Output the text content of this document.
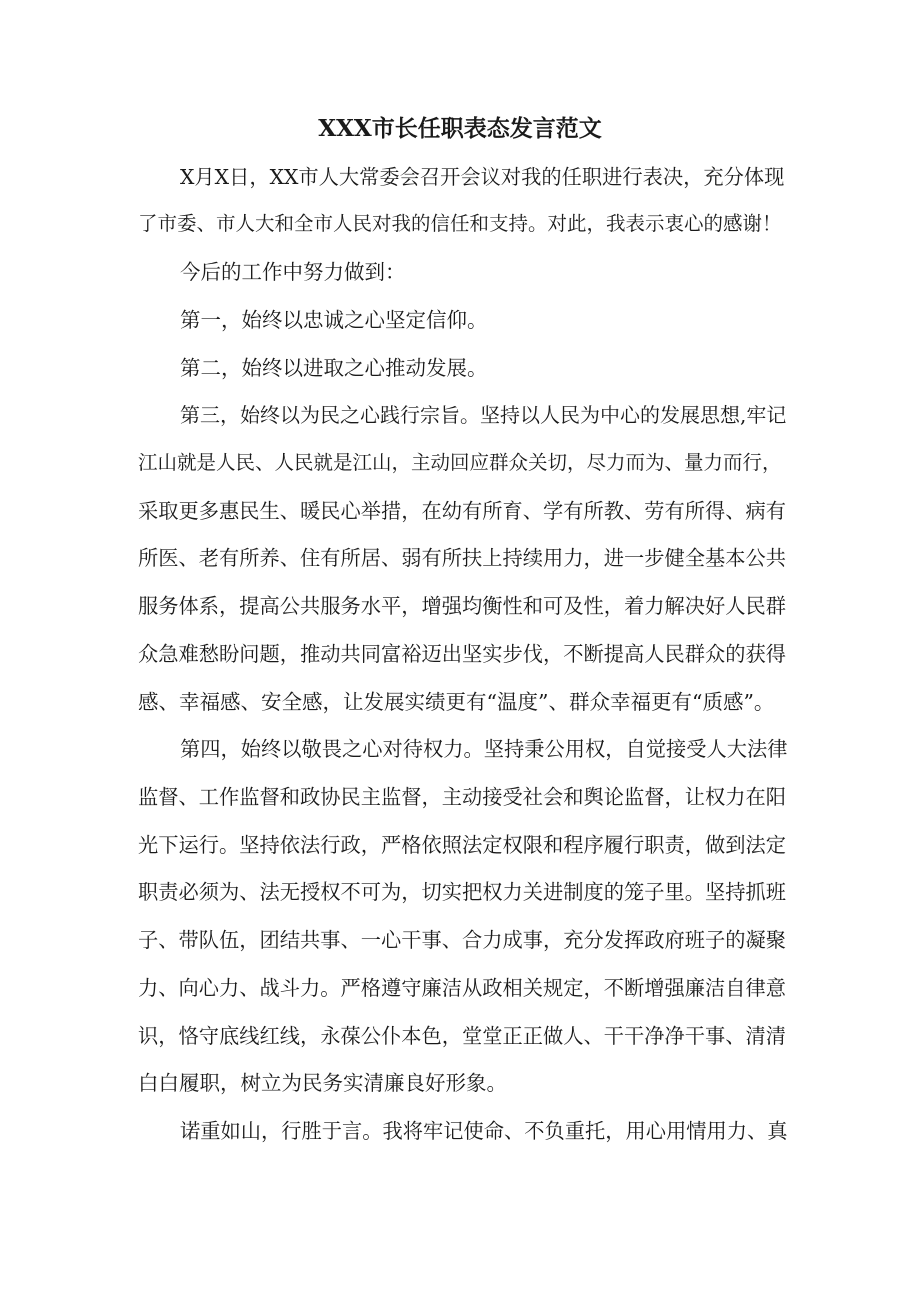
XXX市长任职表态发言范文

X月X日，XX市人大常委会召开会议对我的任职进行表决，充分体现

了市委、市人大和全市人民对我的信任和支持。对此，我表示衷心的感谢！

今后的工作中努力做到：

第一，始终以忠诚之心坚定信仰。

第二，始终以进取之心推动发展。

第三，始终以为民之心践行宗旨。坚持以人民为中心的发展思想,牢记

江山就是人民、人民就是江山，主动回应群众关切，尽力而为、量力而行，

采取更多惠民生、暖民心举措，在幼有所育、学有所教、劳有所得、病有

所医、老有所养、住有所居、弱有所扶上持续用力，进一步健全基本公共

服务体系，提高公共服务水平，增强均衡性和可及性，着力解决好人民群

众急难愁盼问题，推动共同富裕迈出坚实步伐，不断提高人民群众的获得

感、幸福感、安全感，让发展实绩更有“温度”、群众幸福更有“质感”。

第四，始终以敬畏之心对待权力。坚持秉公用权，自觉接受人大法律

监督、工作监督和政协民主监督，主动接受社会和舆论监督，让权力在阳

光下运行。坚持依法行政，严格依照法定权限和程序履行职责，做到法定

职责必须为、法无授权不可为，切实把权力关进制度的笼子里。坚持抓班

子、带队伍，团结共事、一心干事、合力成事，充分发挥政府班子的凝聚

力、向心力、战斗力。严格遵守廉洁从政相关规定，不断增强廉洁自律意

识，恪守底线红线，永葆公仆本色，堂堂正正做人、干干净净干事、清清

白白履职，树立为民务实清廉良好形象。

诺重如山，行胜于言。我将牢记使命、不负重托，用心用情用力、真
